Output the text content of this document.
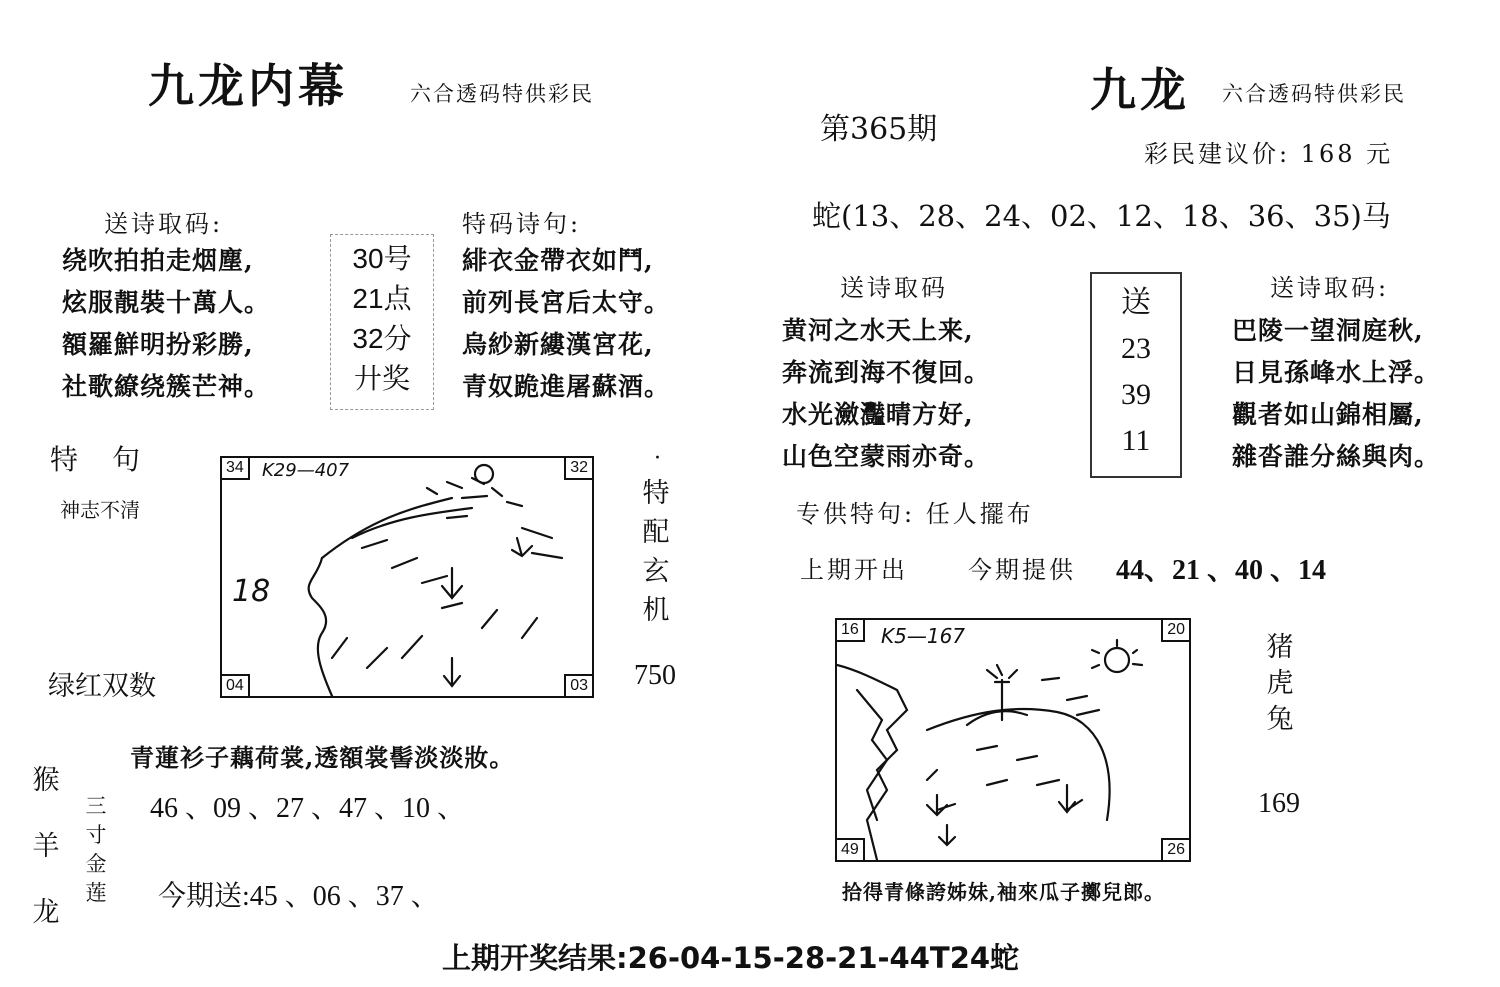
九龙内幕	六合透码特供彩民
送诗取码:
绕吹拍拍走烟塵,
炫服靚裝十萬人。
額羅鮮明扮彩勝,
社歌繚绕簇芒神。
30号
21点
32分
廾奖
特码诗句:
緋衣金帶衣如鬥,
前列長宮后太守。
烏紗新縷漢宮花,
青奴跪進屠蘇酒。
特　句
神志不清
K29—407
18
34	32
04	03
·
特
配
玄
机
绿红双数	750
青蓮衫子藕荷裳,透額裳髻淡淡妝。
猴
羊
龙
三
寸
金
莲
46 、09 、27 、47 、10 、
今期送:45 、06 、37 、
第365期
九龙 六合透码特供彩民
彩民建议价: 168 元
蛇(13、28、24、02、12、18、36、35)马
送诗取码
黄河之水天上来,
奔流到海不復回。
水光瀲灩晴方好,
山色空蒙雨亦奇。
送
23
39
11
送诗取码:
巴陵一望洞庭秋,
日見孫峰水上浮。
觀者如山錦相屬,
雜沓誰分絲與肉。
专供特句: 任人擺布
上期开出	今期提供 44、21 、40 、14
K5—167
16	20
49	26
猪
虎
兔
169
拾得青條誇姊妹,袖來瓜子擲兒郎。
上期开奖结果:26-04-15-28-21-44T24蛇
